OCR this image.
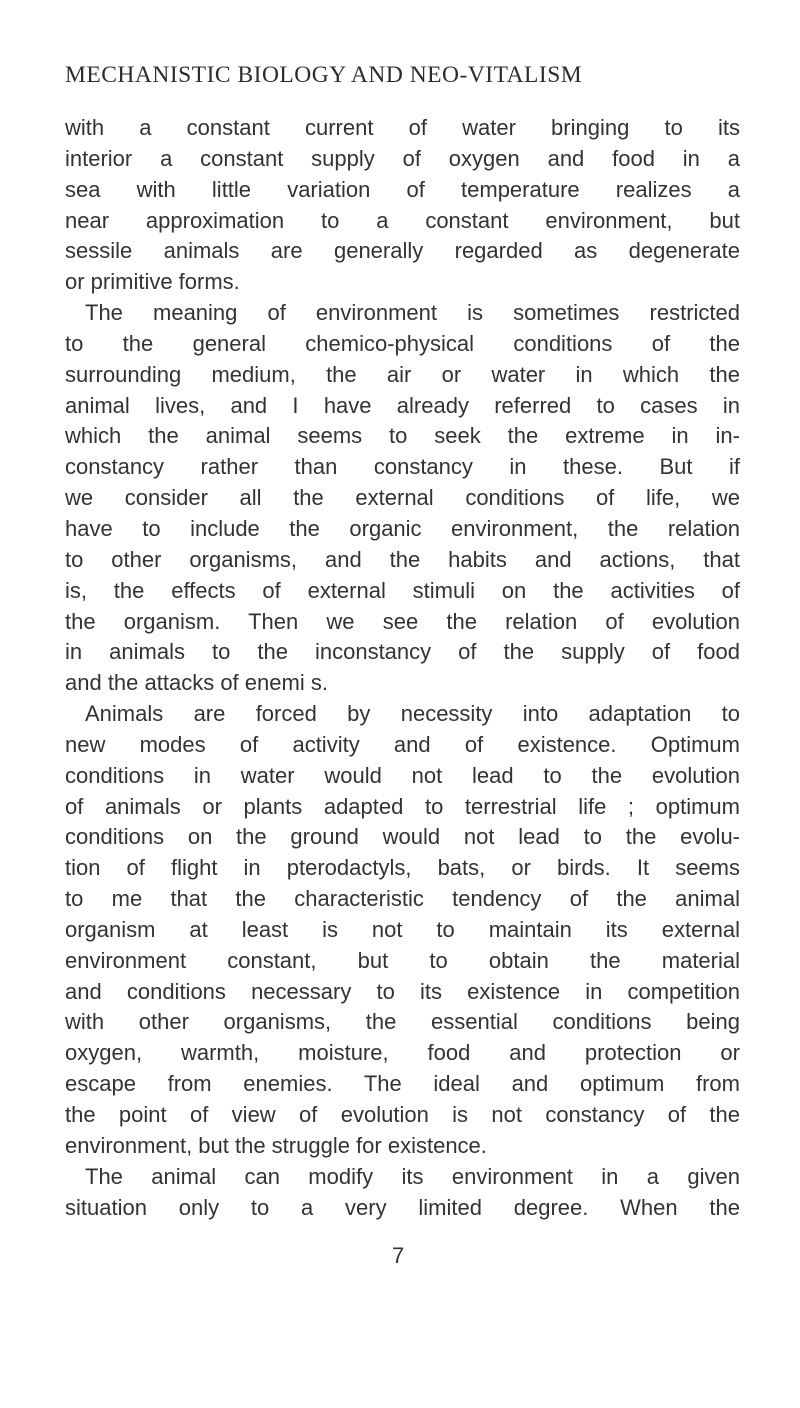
MECHANISTIC BIOLOGY AND NEO-VITALISM
with a constant current of water bringing to its
interior a constant supply of oxygen and food in a
sea with little variation of temperature realizes a
near approximation to a constant environment, but
sessile animals are generally regarded as degenerate
or primitive forms.
The meaning of environment is sometimes restricted
to the general chemico-physical conditions of the
surrounding medium, the air or water in which the
animal lives, and I have already referred to cases in
which the animal seems to seek the extreme in in-
constancy rather than constancy in these. But if
we consider all the external conditions of life, we
have to include the organic environment, the relation
to other organisms, and the habits and actions, that
is, the effects of external stimuli on the activities of
the organism. Then we see the relation of evolution
in animals to the inconstancy of the supply of food
and the attacks of enemi s.
Animals are forced by necessity into adaptation to
new modes of activity and of existence. Optimum
conditions in water would not lead to the evolution
of animals or plants adapted to terrestrial life ; optimum
conditions on the ground would not lead to the evolu-
tion of flight in pterodactyls, bats, or birds. It seems
to me that the characteristic tendency of the animal
organism at least is not to maintain its external
environment constant, but to obtain the material
and conditions necessary to its existence in competition
with other organisms, the essential conditions being
oxygen, warmth, moisture, food and protection or
escape from enemies. The ideal and optimum from
the point of view of evolution is not constancy of the
environment, but the struggle for existence.
The animal can modify its environment in a given
situation only to a very limited degree. When the
7
